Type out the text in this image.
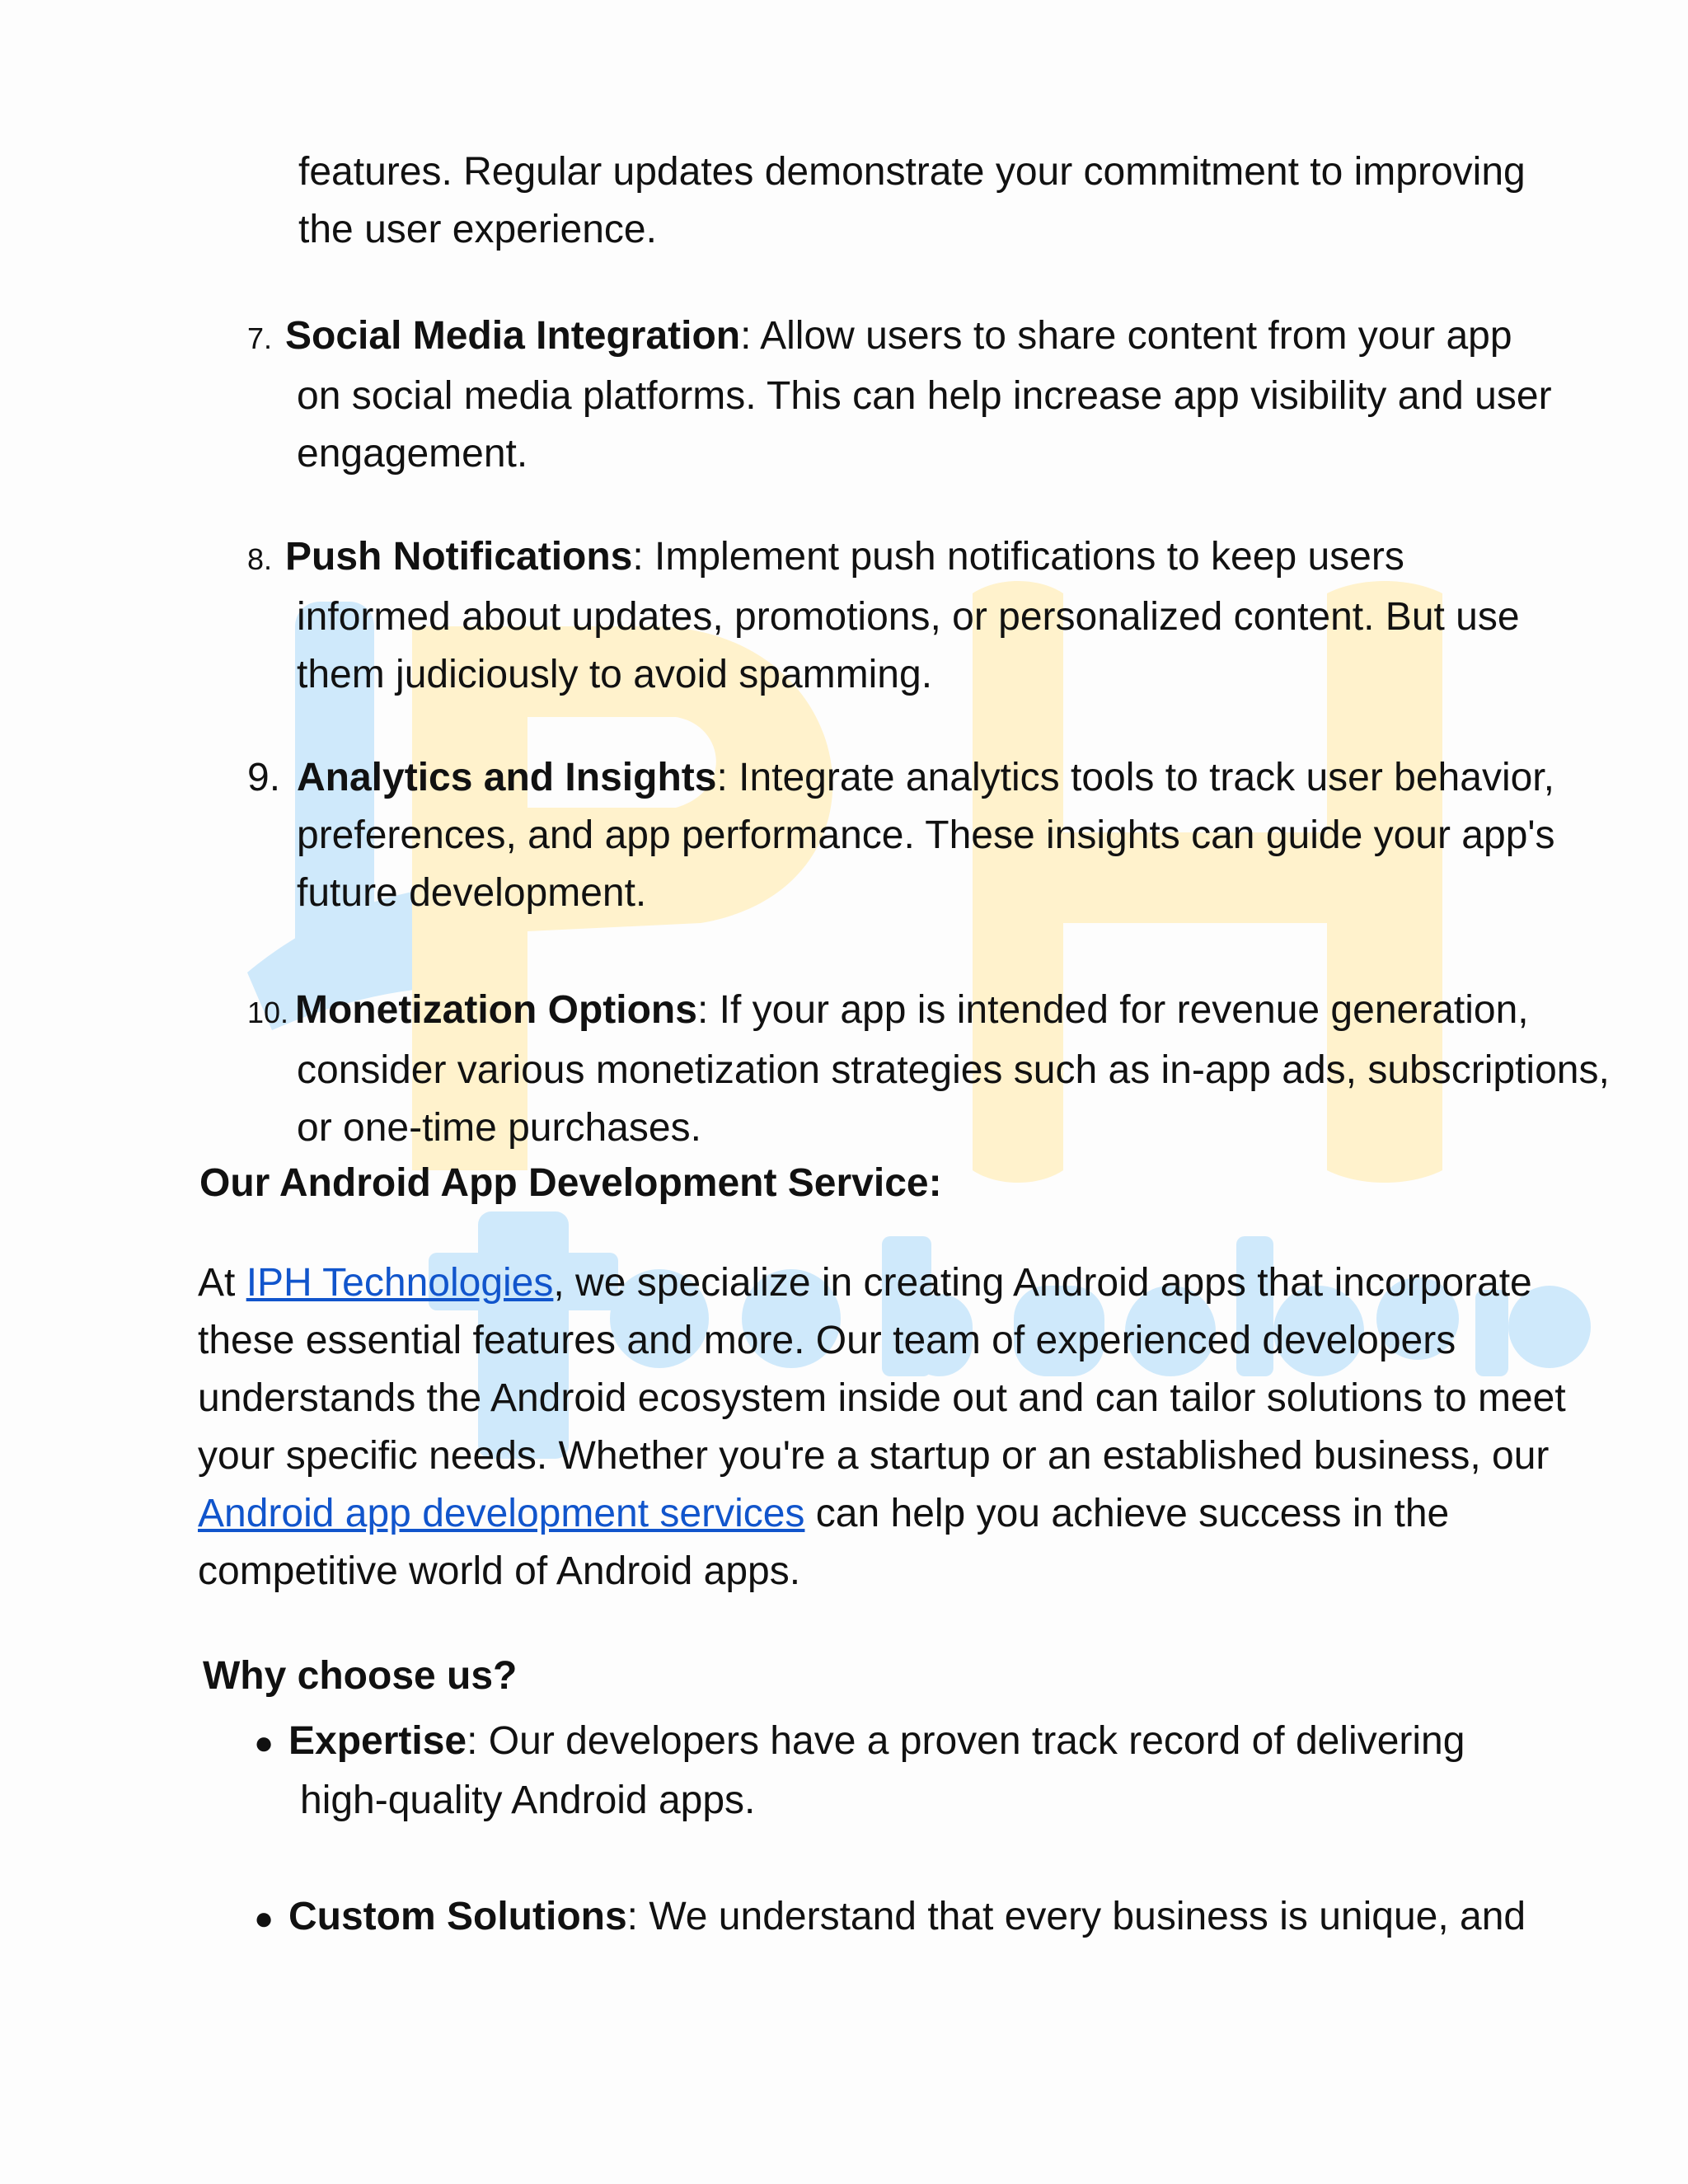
features. Regular updates demonstrate your commitment to improving

the user experience.

7. Social Media Integration: Allow users to share content from your app
on social media platforms. This can help increase app visibility and user engagement.
8. Push Notifications: Implement push notifications to keep users
informed about updates, promotions, or personalized content. But use them judiciously to avoid spamming.
9. Analytics and Insights: Integrate analytics tools to track user behavior,
preferences, and app performance. These insights can guide your app's future development.
10. Monetization Options: If your app is intended for revenue generation,
consider various monetization strategies such as in-app ads, subscriptions, or one-time purchases.
Our Android App Development Service:

At IPH Technologies, we specialize in creating Android apps that incorporate these essential features and more. Our team of experienced developers understands the Android ecosystem inside out and can tailor solutions to meet your specific needs. Whether you're a startup or an established business, our Android app development services can help you achieve success in the competitive world of Android apps.

Why choose us?
● Expertise: Our developers have a proven track record of delivering
high-quality Android apps.
● Custom Solutions: We understand that every business is unique, and
